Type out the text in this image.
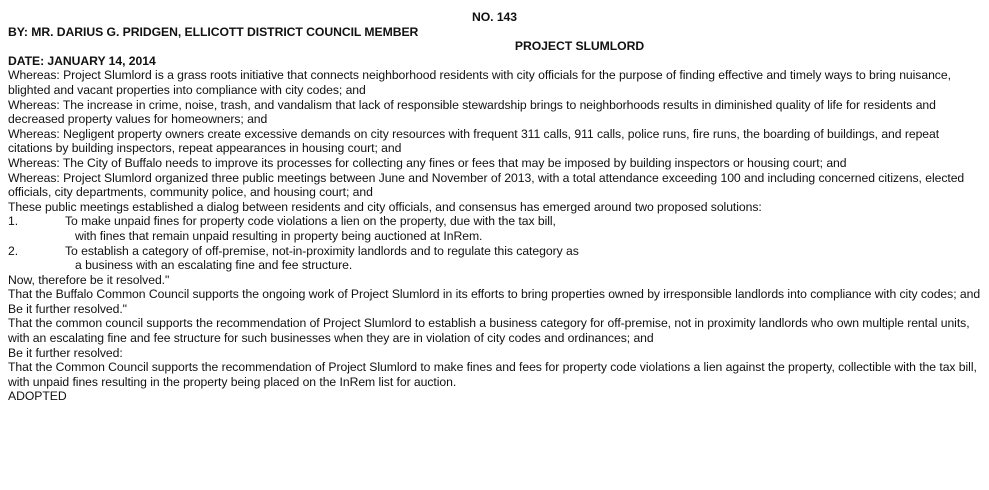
NO. 143
BY: MR. DARIUS G. PRIDGEN, ELLICOTT DISTRICT COUNCIL MEMBER
PROJECT SLUMLORD
DATE: JANUARY 14, 2014

Whereas: Project Slumlord is a grass roots initiative that connects neighborhood residents with city officials for the purpose of finding effective and timely ways to bring nuisance, blighted and vacant properties into compliance with city codes; and

Whereas: The increase in crime, noise, trash, and vandalism that lack of responsible stewardship brings to neighborhoods results in diminished quality of life for residents and decreased property values for homeowners; and

Whereas: Negligent property owners create excessive demands on city resources with frequent 311 calls, 911 calls, police runs, fire runs, the boarding of buildings, and repeat citations by building inspectors, repeat appearances in housing court; and

Whereas: The City of Buffalo needs to improve its processes for collecting any fines or fees that may be imposed by building inspectors or housing court; and

Whereas: Project Slumlord organized three public meetings between June and November of 2013, with a total attendance exceeding 100 and including concerned citizens, elected officials, city departments, community police, and housing court; and

These public meetings established a dialog between residents and city officials, and consensus has emerged around two proposed solutions:

1.	To make unpaid fines for property code violations a lien on the property, due with the tax bill,
with fines that remain unpaid resulting in property being auctioned at InRem.
2.	To establish a category of off-premise, not-in-proximity landlords and to regulate this category as
a business with an escalating fine and fee structure.

Now, therefore be it resolved."

That the Buffalo Common Council supports the ongoing work of Project Slumlord in its efforts to bring properties owned by irresponsible landlords into compliance with city codes; and

Be it further resolved."

That the common council supports the recommendation of Project Slumlord to establish a business category for off-premise, not in proximity landlords who own multiple rental units, with an escalating fine and fee structure for such businesses when they are in violation of city codes and ordinances; and

Be it further resolved:

That the Common Council supports the recommendation of Project Slumlord to make fines and fees for property code violations a lien against the property, collectible with the tax bill, with unpaid fines resulting in the property being placed on the InRem list for auction.

ADOPTED
